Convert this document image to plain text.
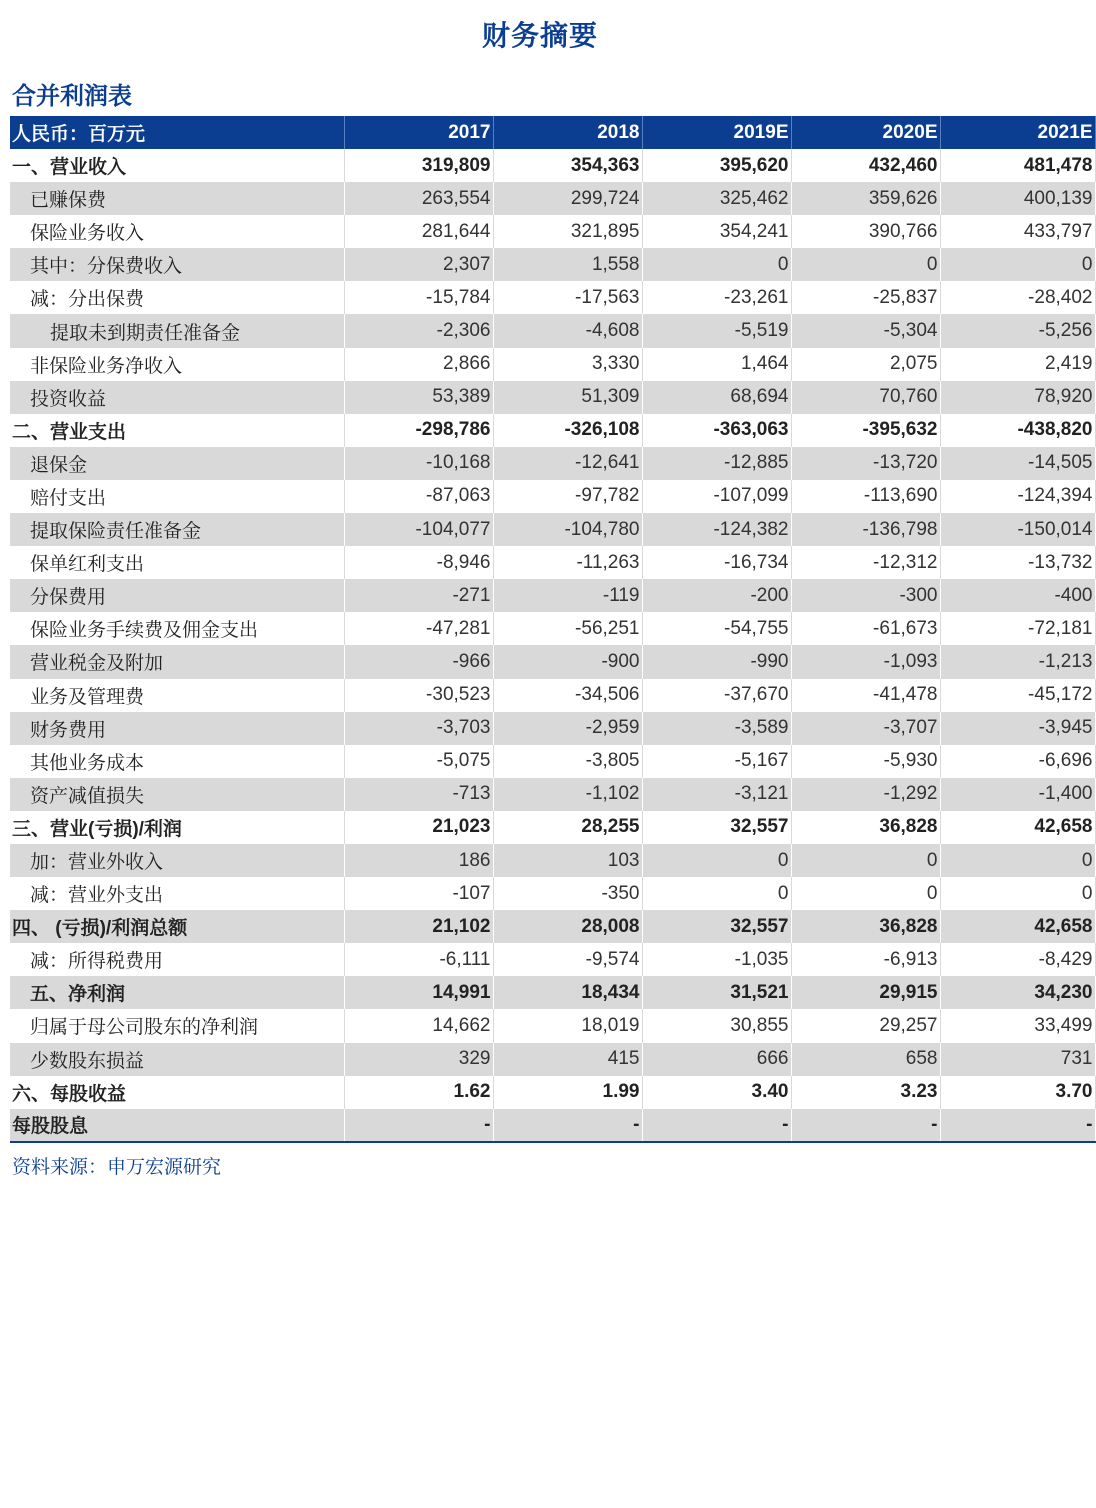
财务摘要
合并利润表
人民币：百万元	2017	2018	2019E	2020E	2021E
一、营业收入	319,809	354,363	395,620	432,460	481,478
已赚保费	263,554	299,724	325,462	359,626	400,139
保险业务收入	281,644	321,895	354,241	390,766	433,797
其中：分保费收入	2,307	1,558	0	0	0
减：分出保费	-15,784	-17,563	-23,261	-25,837	-28,402
提取未到期责任准备金	-2,306	-4,608	-5,519	-5,304	-5,256
非保险业务净收入	2,866	3,330	1,464	2,075	2,419
投资收益	53,389	51,309	68,694	70,760	78,920
二、营业支出	-298,786	-326,108	-363,063	-395,632	-438,820
退保金	-10,168	-12,641	-12,885	-13,720	-14,505
赔付支出	-87,063	-97,782	-107,099	-113,690	-124,394
提取保险责任准备金	-104,077	-104,780	-124,382	-136,798	-150,014
保单红利支出	-8,946	-11,263	-16,734	-12,312	-13,732
分保费用	-271	-119	-200	-300	-400
保险业务手续费及佣金支出	-47,281	-56,251	-54,755	-61,673	-72,181
营业税金及附加	-966	-900	-990	-1,093	-1,213
业务及管理费	-30,523	-34,506	-37,670	-41,478	-45,172
财务费用	-3,703	-2,959	-3,589	-3,707	-3,945
其他业务成本	-5,075	-3,805	-5,167	-5,930	-6,696
资产减值损失	-713	-1,102	-3,121	-1,292	-1,400
三、营业(亏损)/利润	21,023	28,255	32,557	36,828	42,658
加：营业外收入	186	103	0	0	0
减：营业外支出	-107	-350	0	0	0
四、 (亏损)/利润总额	21,102	28,008	32,557	36,828	42,658
减：所得税费用	-6,111	-9,574	-1,035	-6,913	-8,429
五、净利润	14,991	18,434	31,521	29,915	34,230
归属于母公司股东的净利润	14,662	18,019	30,855	29,257	33,499
少数股东损益	329	415	666	658	731
六、每股收益	1.62	1.99	3.40	3.23	3.70
每股股息	-	-	-	-	-
资料来源：申万宏源研究
